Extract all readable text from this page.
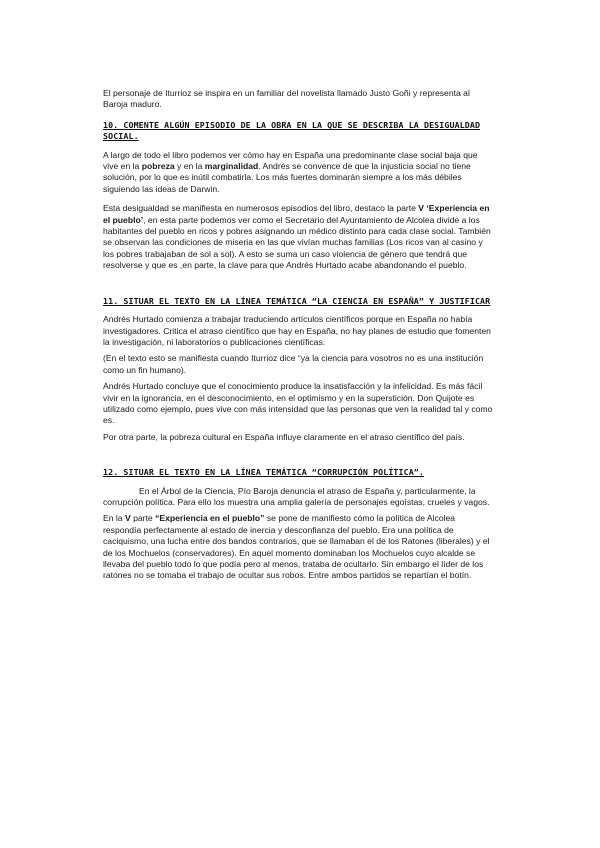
El personaje de Iturrioz se inspira en un familiar del novelista llamado Justo Goñi y representa al Baroja maduro.

10. COMENTE ALGÚN EPISODIO DE LA OBRA EN LA QUE SE DESCRIBA LA DESIGUALDAD SOCIAL.

A largo de todo el libro podemos ver cómo hay en España una predominante clase social baja que vive en la pobreza y en la marginalidad. Andrés se convence de que la injusticia social no tiene solución, por lo que es inútil combatirla. Los más fuertes dominarán siempre a los más débiles siguiendo las ideas de Darwin.

Esta desigualdad se manifiesta en numerosos episodios del libro, destaco la parte V ‘Experiencia en el pueblo’, en esta parte podemos ver como el Secretario del Ayuntamiento de Alcolea divide a los habitantes del pueblo en ricos y pobres asignando un médico distinto para cada clase social. También se observan las condiciones de miseria en las que vivían muchas familias (Los ricos van al casino y los pobres trabajaban de sol a sol). A esto se suma un caso violencia de género que tendrá que resolverse y que es ,en parte, la clave para que Andrés Hurtado acabe abandonando el pueblo.

11. SITUAR EL TEXTO EN LA LÍNEA TEMÁTICA “LA CIENCIA EN ESPAÑA” Y JUSTIFICAR

Andrés Hurtado comienza a trabajar traduciendo artículos científicos porque en España no había investigadores. Critica el atraso científico que hay en España, no hay planes de estudio que fomenten la investigación, ni laboratorios o publicaciones científicas.

(En el texto esto se manifiesta cuando Iturrioz dice “ya la ciencia para vosotros no es una institución como un fin humano).

Andrés Hurtado concluye que el conocimiento produce la insatisfacción y la infelicidad. Es más fácil vivir en la ignorancia, en el desconocimiento, en el optimismo y en la superstición. Don Quijote es utilizado como ejemplo, pues vive con más intensidad que las personas que ven la realidad tal y como es.

Por otra parte, la pobreza cultural en España influye claramente en el atraso científico del país.

12. SITUAR EL TEXTO EN LA LÍNEA TEMÁTICA “CORRUPCIÓN POLÍTICA”.

En el Árbol de la Ciencia, Pío Baroja denuncia el atraso de España y, particularmente, la corrupción política. Para ello los muestra una amplia galería de personajes egoístas, crueles y vagos.

En la V parte “Experiencia en el pueblo” se pone de manifiesto cómo la política de Alcolea respondía perfectamente al estado de inercia y desconfianza del pueblo. Era una política de caciquismo, una lucha entre dos bandos contrarios, que se llamaban el de los Ratones (liberales) y el de los Mochuelos (conservadores). En aquel momento dominaban los Mochuelos cuyo alcalde se llevaba del pueblo todo lo que podía pero al menos, trataba de ocultarlo. Sin embargo el líder de los ratones no se tomaba el trabajo de ocultar sus robos. Entre ambos partidos se repartían el botín.
